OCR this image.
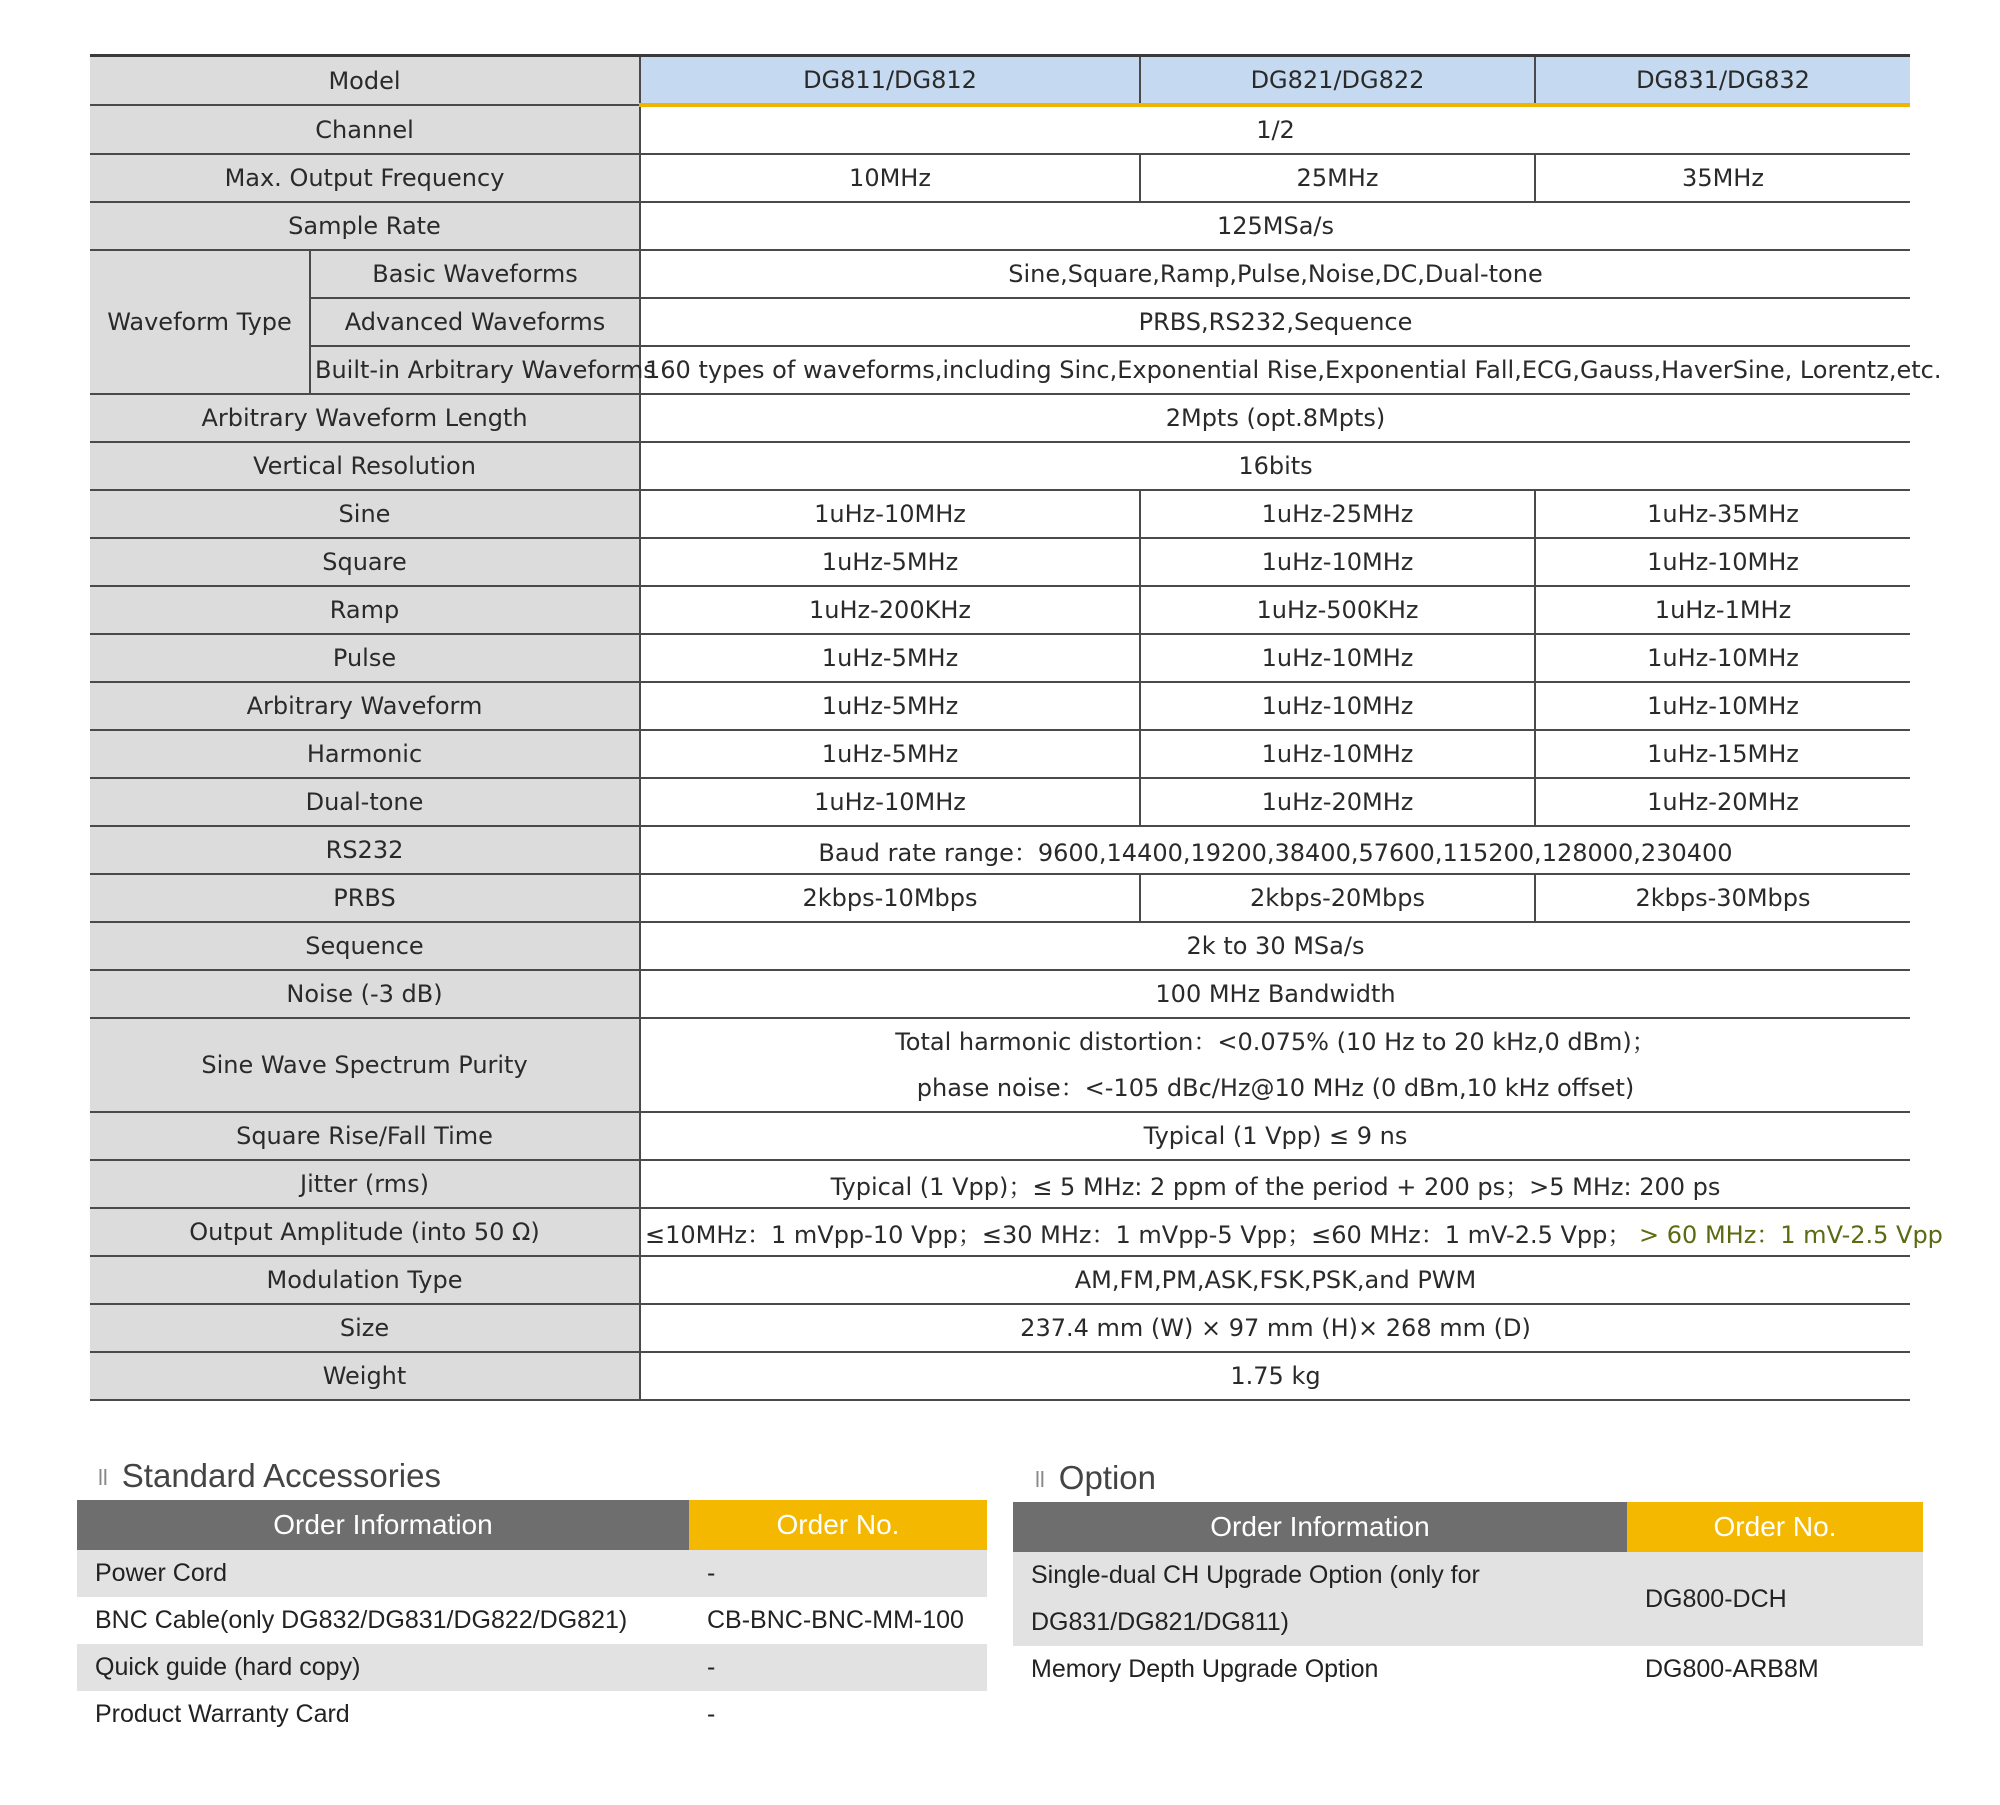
Model		DG811/DG812	DG821/DG822	DG831/DG832
Channel		1/2		
Max. Output Frequency		10MHz	25MHz	35MHz
Sample Rate		125MSa/s		
Waveform Type	Basic Waveforms	Sine,Square,Ramp,Pulse,Noise,DC,Dual-tone		
	Advanced Waveforms	PRBS,RS232,Sequence		
	Built-in Arbitrary Waveforms	160 types of waveforms,including Sinc,Exponential Rise,Exponential Fall,ECG,Gauss,HaverSine, Lorentz,etc.		
Arbitrary Waveform Length		2Mpts (opt.8Mpts)		
Vertical Resolution		16bits		
Sine		1uHz-10MHz	1uHz-25MHz	1uHz-35MHz
Square		1uHz-5MHz	1uHz-10MHz	1uHz-10MHz
Ramp		1uHz-200KHz	1uHz-500KHz	1uHz-1MHz
Pulse		1uHz-5MHz	1uHz-10MHz	1uHz-10MHz
Arbitrary Waveform		1uHz-5MHz	1uHz-10MHz	1uHz-10MHz
Harmonic		1uHz-5MHz	1uHz-10MHz	1uHz-15MHz
Dual-tone		1uHz-10MHz	1uHz-20MHz	1uHz-20MHz
RS232		Baud rate range：9600,14400,19200,38400,57600,115200,128000,230400		
PRBS		2kbps-10Mbps	2kbps-20Mbps	2kbps-30Mbps
Sequence		2k to 30 MSa/s		
Noise (-3 dB)		100 MHz Bandwidth		
Sine Wave Spectrum Purity		Total harmonic distortion：<0.075% (10 Hz to 20 kHz,0 dBm)；
phase noise：<-105 dBc/Hz@10 MHz (0 dBm,10 kHz offset)		

Square Rise/Fall Time		Typical (1 Vpp) ≤ 9 ns		
Jitter (rms)		Typical (1 Vpp)；≤ 5 MHz: 2 ppm of the period + 200 ps；>5 MHz: 200 ps		
Output Amplitude (into 50 Ω)		≤10MHz：1 mVpp-10 Vpp；≤30 MHz：1 mVpp-5 Vpp；≤60 MHz：1 mV-2.5 Vpp； > 60 MHz：1 mV-2.5 Vpp		
Modulation Type		AM,FM,PM,ASK,FSK,PSK,and PWM		
Size		237.4 mm (W) × 97 mm (H)× 268 mm (D)		
Weight		1.75 kg		
ll Standard Accessories
Order Information	Order No.
Power Cord	-
BNC Cable(only DG832/DG831/DG822/DG821)	CB-BNC-BNC-MM-100
Quick guide (hard copy)	-
Product Warranty Card	-
ll Option
Order Information	Order No.

Single-dual CH Upgrade Option (only for
DG831/DG821/DG811)	DG800-DCH
Memory Depth Upgrade Option	DG800-ARB8M
